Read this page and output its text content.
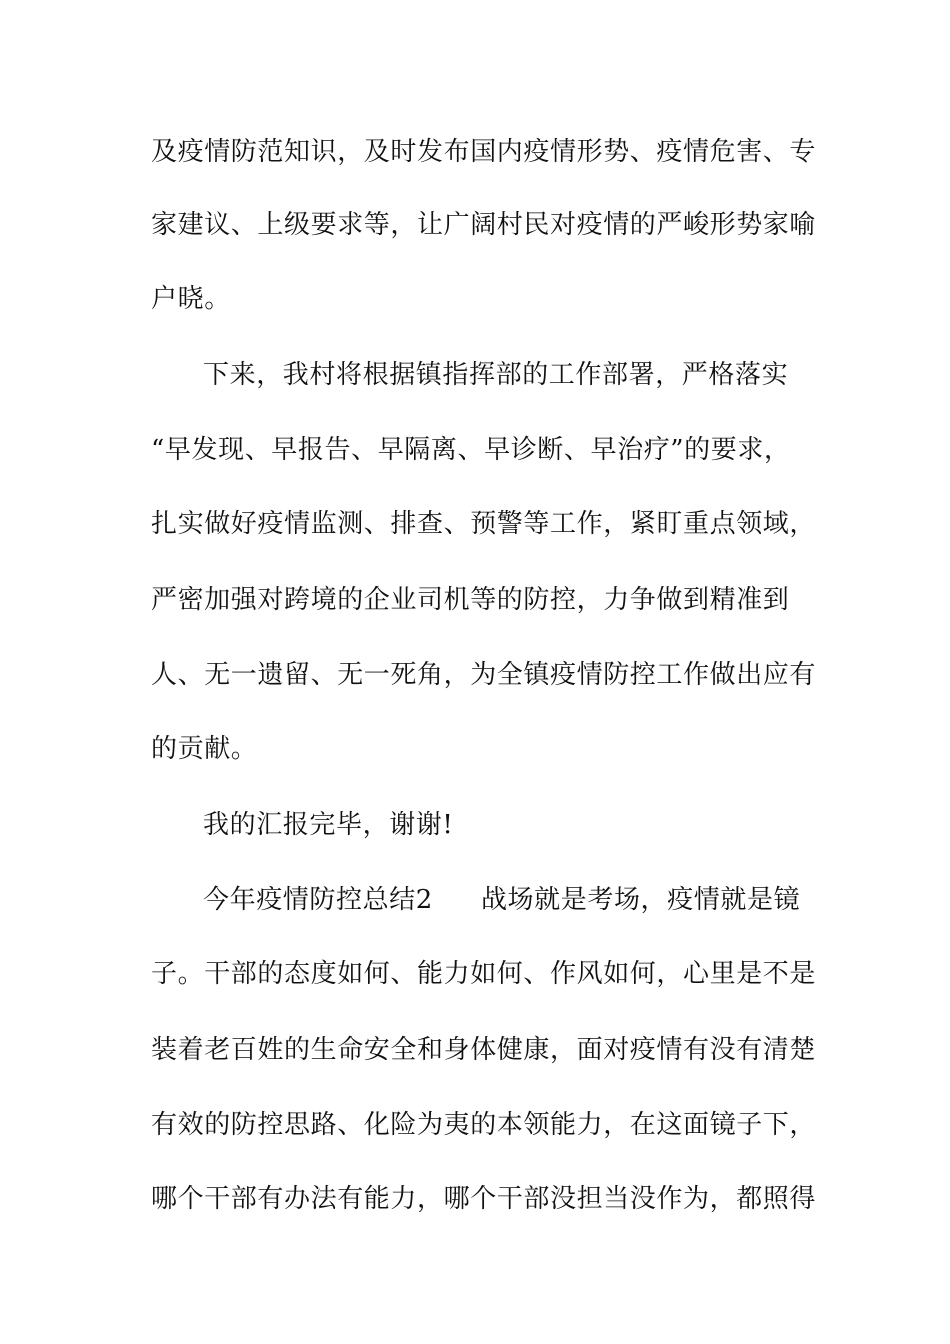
及疫情防范知识，及时发布国内疫情形势、疫情危害、专
家建议、上级要求等，让广阔村民对疫情的严峻形势家喻
户晓。
下来，我村将根据镇指挥部的工作部署，严格落实
“早发现、早报告、早隔离、早诊断、早治疗”的要求，
扎实做好疫情监测、排查、预警等工作，紧盯重点领域，
严密加强对跨境的企业司机等的防控，力争做到精准到
人、无一遗留、无一死角，为全镇疫情防控工作做出应有
的贡献。
我的汇报完毕，谢谢!
今年疫情防控总结2 战场就是考场，疫情就是镜
子。干部的态度如何、能力如何、作风如何，心里是不是
装着老百姓的生命安全和身体健康，面对疫情有没有清楚
有效的防控思路、化险为夷的本领能力，在这面镜子下，
哪个干部有办法有能力，哪个干部没担当没作为，都照得
